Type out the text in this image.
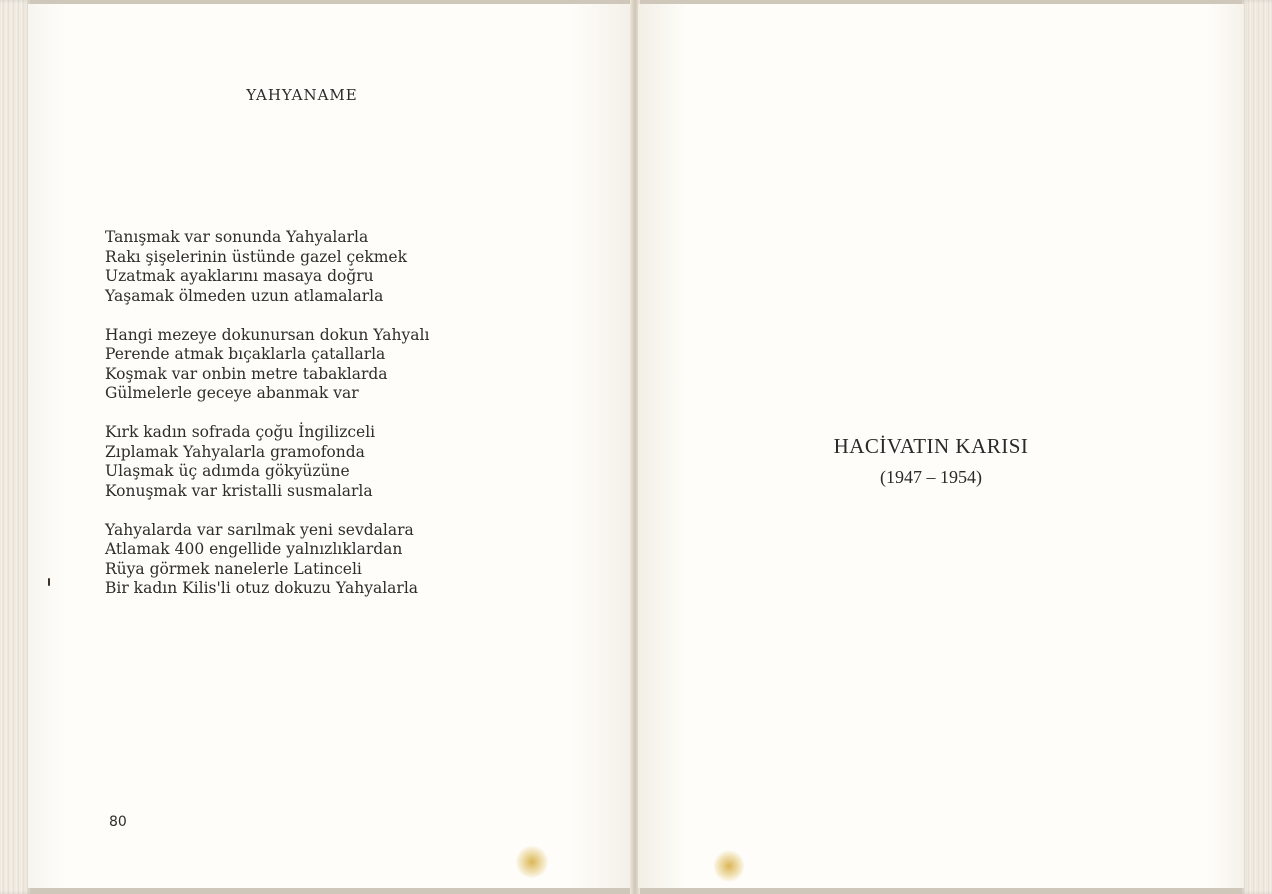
YAHYANAME
Tanışmak var sonunda Yahyalarla
Rakı şişelerinin üstünde gazel çekmek
Uzatmak ayaklarını masaya doğru
Yaşamak ölmeden uzun atlamalarla
Hangi mezeye dokunursan dokun Yahyalı
Perende atmak bıçaklarla çatallarla
Koşmak var onbin metre tabaklarda
Gülmelerle geceye abanmak var
Kırk kadın sofrada çoğu İngilizceli
Zıplamak Yahyalarla gramofonda
Ulaşmak üç adımda gökyüzüne
Konuşmak var kristalli susmalarla
Yahyalarda var sarılmak yeni sevdalara
Atlamak 400 engellide yalnızlıklardan
Rüya görmek nanelerle Latinceli
Bir kadın Kilis'li otuz dokuzu Yahyalarla
80
HACİVATIN KARISI
(1947 – 1954)
